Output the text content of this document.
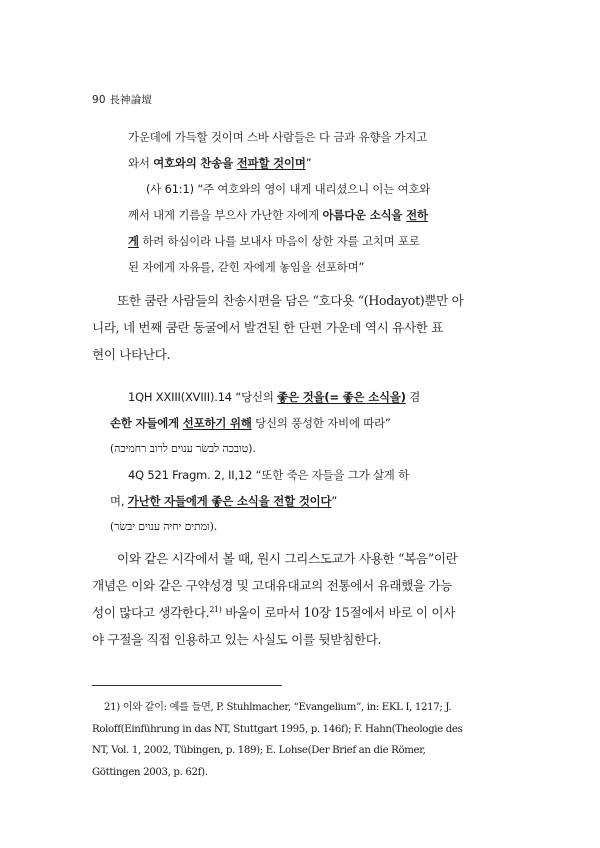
90 長神論壇
가운데에 가득할 것이며 스바 사람들은 다 금과 유향을 가지고
와서 여호와의 찬송을 전파할 것이며”
(사 61:1) “주 여호와의 영이 내게 내리셨으니 이는 여호와
께서 내게 기름을 부으사 가난한 자에게 아름다운 소식을 전하
게 하려 하심이라 나를 보내사 마음이 상한 자를 고치며 포로
된 자에게 자유를, 갇힌 자에게 놓임을 선포하며”
또한 쿰란 사람들의 찬송시편을 담은 “호다욧 “(Hodayot)뿐만 아
니라, 네 번째 쿰란 동굴에서 발견된 한 단편 가운데 역시 유사한 표
현이 나타난다.
1QH XXIII(XVIII).14 “당신의 좋은 것을(= 좋은 소식을) 겸
손한 자들에게 선포하기 위해 당신의 풍성한 자비에 따라”
(טובכה לבשׂר ענוים לרוב רחמיכה).
4Q 521 Fragm. 2, II,12 “또한 죽은 자들을 그가 살게 하
며, 가난한 자들에게 좋은 소식을 전할 것이다”
(ומתים יחיה ענוים יבשׂר).
이와 같은 시각에서 볼 때, 원시 그리스도교가 사용한 “복음”이란
개념은 이와 같은 구약성경 및 고대유대교의 전통에서 유래했을 가능
성이 많다고 생각한다.$^{21)}$ 바울이 로마서 10장 15절에서 바로 이 이사
야 구절을 직접 인용하고 있는 사실도 이를 뒷받침한다.
21) 이와 같이: 예를 들면, P. Stuhlmacher, “Evangelium”, in: EKL I, 1217; J.
Roloff(Einführung in das NT, Stuttgart 1995, p. 146f); F. Hahn(Theologie des
NT, Vol. 1, 2002, Tübingen, p. 189); E. Lohse(Der Brief an die Römer,
Göttingen 2003, p. 62f).
